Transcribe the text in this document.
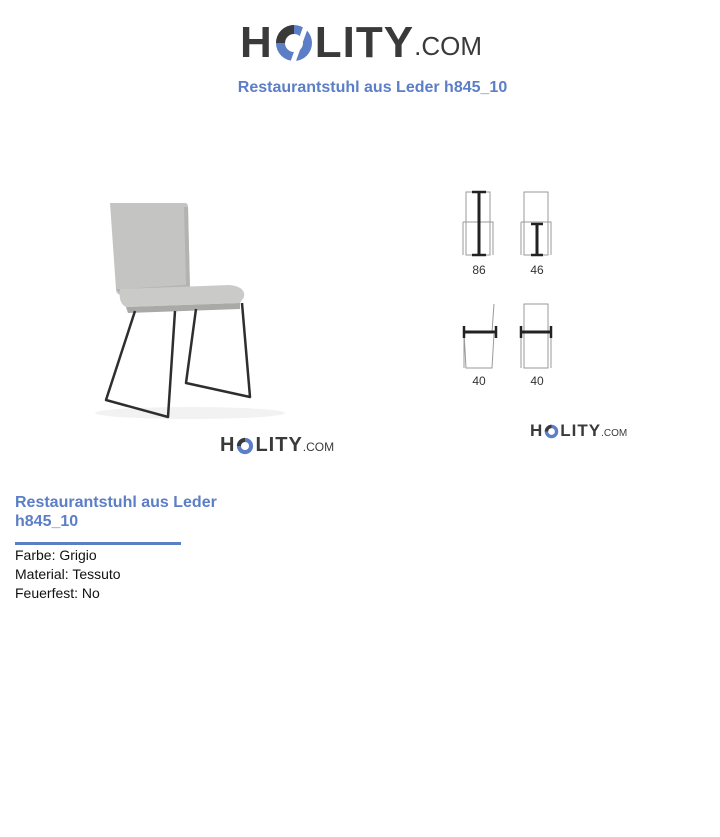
H LITY .COM
Restaurantstuhl aus Leder h845_10
86	46
40	40
H LITY .COM
H LITY .COM
Restaurantstuhl aus Leder h845_10
Farbe: Grigio
Material: Tessuto
Feuerfest: No
